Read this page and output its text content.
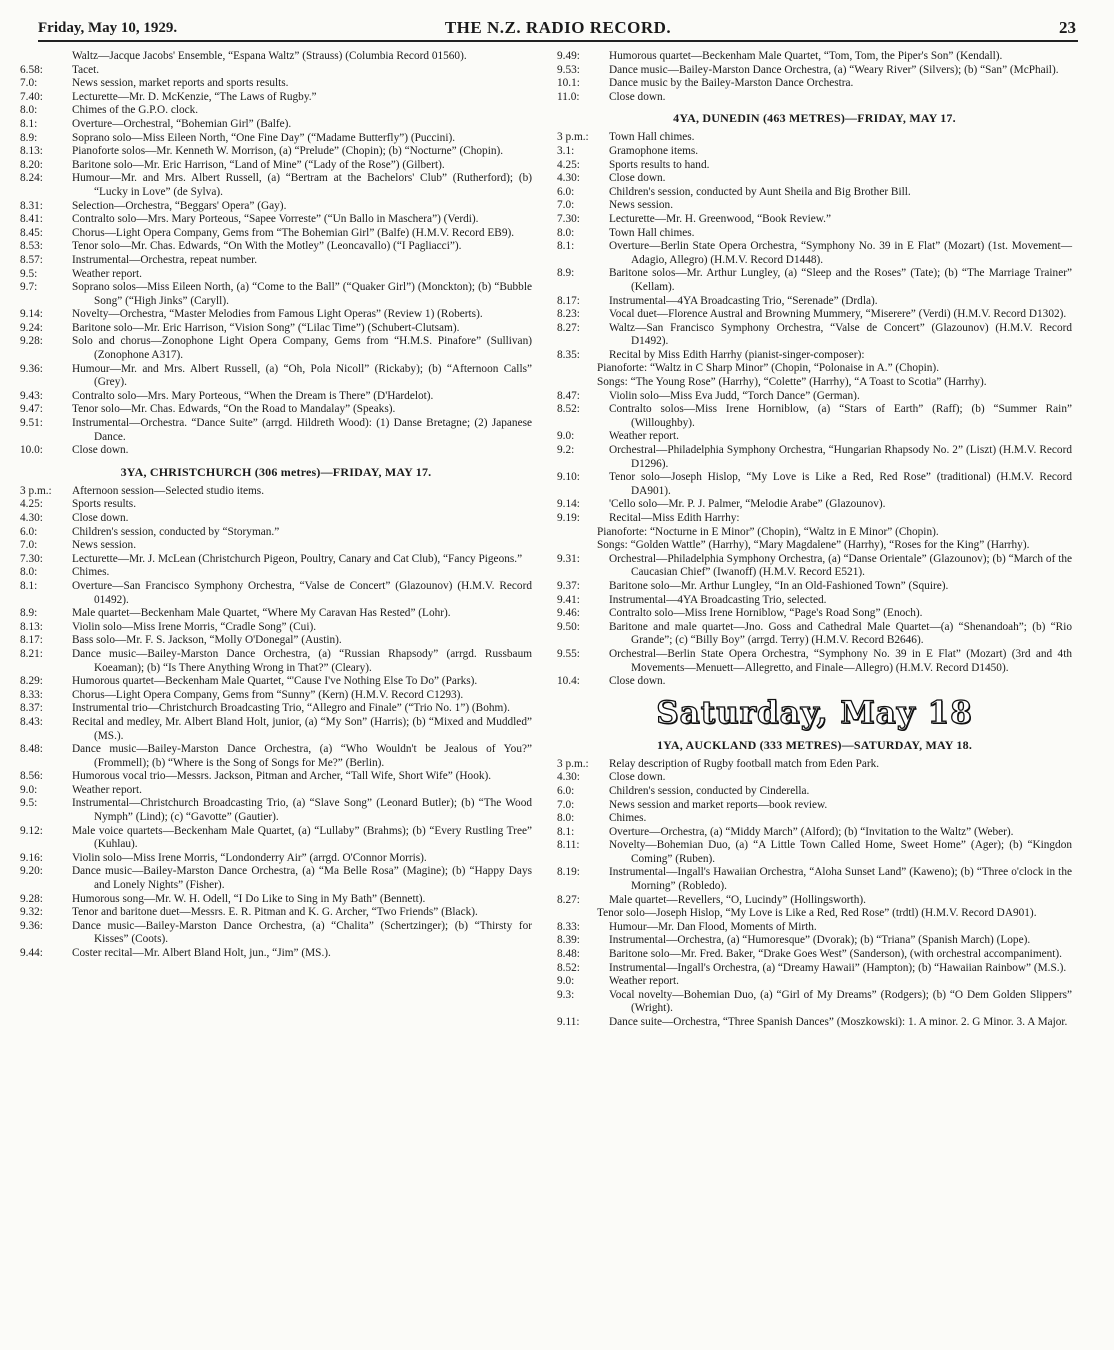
Friday, May 10, 1929.	THE N.Z. RADIO RECORD.	23

Waltz—Jacque Jacobs' Ensemble, “Espana Waltz” (Strauss) (Columbia Record 01560).

6.58:	Tacet.

7.0:	News session, market reports and sports results.

7.40:	Lecturette—Mr. D. McKenzie, “The Laws of Rugby.”

8.0:	Chimes of the G.P.O. clock.

8.1:	Overture—Orchestral, “Bohemian Girl” (Balfe).

8.9:	Soprano solo—Miss Eileen North, “One Fine Day” (“Madame Butterfly”) (Puccini).

8.13:	Pianoforte solos—Mr. Kenneth W. Morrison, (a) “Prelude” (Chopin); (b) “Nocturne” (Chopin).

8.20:	Baritone solo—Mr. Eric Harrison, “Land of Mine” (“Lady of the Rose”) (Gilbert).

8.24:	Humour—Mr. and Mrs. Albert Russell, (a) “Bertram at the Bachelors' Club” (Rutherford); (b) “Lucky in Love” (de Sylva).

8.31:	Selection—Orchestra, “Beggars' Opera” (Gay).

8.41:	Contralto solo—Mrs. Mary Porteous, “Sapee Vorreste” (“Un Ballo in Maschera”) (Verdi).

8.45:	Chorus—Light Opera Company, Gems from “The Bohemian Girl” (Balfe) (H.M.V. Record EB9).

8.53:	Tenor solo—Mr. Chas. Edwards, “On With the Motley” (Leoncavallo) (“I Pagliacci”).

8.57:	Instrumental—Orchestra, repeat number.

9.5:	Weather report.

9.7:	Soprano solos—Miss Eileen North, (a) “Come to the Ball” (“Quaker Girl”) (Monckton); (b) “Bubble Song” (“High Jinks” (Caryll).

9.14:	Novelty—Orchestra, “Master Melodies from Famous Light Operas” (Review 1) (Roberts).

9.24:	Baritone solo—Mr. Eric Harrison, “Vision Song” (“Lilac Time”) (Schubert-Clutsam).

9.28:	Solo and chorus—Zonophone Light Opera Company, Gems from “H.M.S. Pinafore” (Sullivan) (Zonophone A317).

9.36:	Humour—Mr. and Mrs. Albert Russell, (a) “Oh, Pola Nicoll” (Rickaby); (b) “Afternoon Calls” (Grey).

9.43:	Contralto solo—Mrs. Mary Porteous, “When the Dream is There” (D'Hardelot).

9.47:	Tenor solo—Mr. Chas. Edwards, “On the Road to Mandalay” (Speaks).

9.51:	Instrumental—Orchestra. “Dance Suite” (arrgd. Hildreth Wood): (1) Danse Bretagne; (2) Japanese Dance.

10.0:	Close down.

3YA, CHRISTCHURCH (306 metres)—FRIDAY, MAY 17.

3 p.m.: Afternoon session—Selected studio items.

4.25:	Sports results.

4.30:	Close down.

6.0:	Children's session, conducted by “Storyman.”

7.0:	News session.

7.30:	Lecturette—Mr. J. McLean (Christchurch Pigeon, Poultry, Canary and Cat Club), “Fancy Pigeons.”

8.0:	Chimes.

8.1:	Overture—San Francisco Symphony Orchestra, “Valse de Concert” (Glazounov) (H.M.V. Record 01492).

8.9:	Male quartet—Beckenham Male Quartet, “Where My Caravan Has Rested” (Lohr).

8.13:	Violin solo—Miss Irene Morris, “Cradle Song” (Cui).

8.17:	Bass solo—Mr. F. S. Jackson, “Molly O'Donegal” (Austin).

8.21:	Dance music—Bailey-Marston Dance Orchestra, (a) “Russian Rhapsody” (arrgd. Russbaum Koeaman); (b) “Is There Anything Wrong in That?” (Cleary).

8.29:	Humorous quartet—Beckenham Male Quartet, “'Cause I've Nothing Else To Do” (Parks).

8.33:	Chorus—Light Opera Company, Gems from “Sunny” (Kern) (H.M.V. Record C1293).

8.37:	Instrumental trio—Christchurch Broadcasting Trio, “Allegro and Finale” (“Trio No. 1”) (Bohm).

8.43:	Recital and medley, Mr. Albert Bland Holt, junior, (a) “My Son” (Harris); (b) “Mixed and Muddled” (MS.).

8.48:	Dance music—Bailey-Marston Dance Orchestra, (a) “Who Wouldn't be Jealous of You?” (Frommell); (b) “Where is the Song of Songs for Me?” (Berlin).

8.56:	Humorous vocal trio—Messrs. Jackson, Pitman and Archer, “Tall Wife, Short Wife” (Hook).

9.0:	Weather report.

9.5:	Instrumental—Christchurch Broadcasting Trio, (a) “Slave Song” (Leonard Butler); (b) “The Wood Nymph” (Lind); (c) “Gavotte” (Gautier).

9.12:	Male voice quartets—Beckenham Male Quartet, (a) “Lullaby” (Brahms); (b) “Every Rustling Tree” (Kuhlau).

9.16:	Violin solo—Miss Irene Morris, “Londonderry Air” (arrgd. O'Connor Morris).

9.20:	Dance music—Bailey-Marston Dance Orchestra, (a) “Ma Belle Rosa” (Magine); (b) “Happy Days and Lonely Nights” (Fisher).

9.28:	Humorous song—Mr. W. H. Odell, “I Do Like to Sing in My Bath” (Bennett).

9.32:	Tenor and baritone duet—Messrs. E. R. Pitman and K. G. Archer, “Two Friends” (Black).

9.36:	Dance music—Bailey-Marston Dance Orchestra, (a) “Chalita” (Schertzinger); (b) “Thirsty for Kisses” (Coots).

9.44:	Coster recital—Mr. Albert Bland Holt, jun., “Jim” (MS.).

9.49:	Humorous quartet—Beckenham Male Quartet, “Tom, Tom, the Piper's Son” (Kendall).

9.53:	Dance music—Bailey-Marston Dance Orchestra, (a) “Weary River” (Silvers); (b) “San” (McPhail).

10.1:	Dance music by the Bailey-Marston Dance Orchestra.

11.0:	Close down.

4YA, DUNEDIN (463 METRES)—FRIDAY, MAY 17.

3 p.m.: Town Hall chimes.

3.1:	Gramophone items.

4.25:	Sports results to hand.

4.30:	Close down.

6.0:	Children's session, conducted by Aunt Sheila and Big Brother Bill.

7.0:	News session.

7.30:	Lecturette—Mr. H. Greenwood, “Book Review.”

8.0:	Town Hall chimes.

8.1:	Overture—Berlin State Opera Orchestra, “Symphony No. 39 in E Flat” (Mozart) (1st. Movement—Adagio, Allegro) (H.M.V. Record D1448).

8.9:	Baritone solos—Mr. Arthur Lungley, (a) “Sleep and the Roses” (Tate); (b) “The Marriage Trainer” (Kellam).

8.17:	Instrumental—4YA Broadcasting Trio, “Serenade” (Drdla).

8.23:	Vocal duet—Florence Austral and Browning Mummery, “Miserere” (Verdi) (H.M.V. Record D1302).

8.27:	Waltz—San Francisco Symphony Orchestra, “Valse de Concert” (Glazounov) (H.M.V. Record D1492).

8.35:	Recital by Miss Edith Harrhy (pianist-singer-composer):

Pianoforte: “Waltz in C Sharp Minor” (Chopin, “Polonaise in A.” (Chopin).

Songs: “The Young Rose” (Harrhy), “Colette” (Harrhy), “A Toast to Scotia” (Harrhy).

8.47:	Violin solo—Miss Eva Judd, “Torch Dance” (German).

8.52:	Contralto solos—Miss Irene Horniblow, (a) “Stars of Earth” (Raff); (b) “Summer Rain” (Willoughby).

9.0:	Weather report.

9.2:	Orchestral—Philadelphia Symphony Orchestra, “Hungarian Rhapsody No. 2” (Liszt) (H.M.V. Record D1296).

9.10:	Tenor solo—Joseph Hislop, “My Love is Like a Red, Red Rose” (traditional) (H.M.V. Record DA901).

9.14:	'Cello solo—Mr. P. J. Palmer, “Melodie Arabe” (Glazounov).

9.19:	Recital—Miss Edith Harrhy:

Pianoforte: “Nocturne in E Minor” (Chopin), “Waltz in E Minor” (Chopin).

Songs: “Golden Wattle” (Harrhy), “Mary Magdalene” (Harrhy), “Roses for the King” (Harrhy).

9.31:	Orchestral—Philadelphia Symphony Orchestra, (a) “Danse Orientale” (Glazounov); (b) “March of the Caucasian Chief” (Iwanoff) (H.M.V. Record E521).

9.37:	Baritone solo—Mr. Arthur Lungley, “In an Old-Fashioned Town” (Squire).

9.41:	Instrumental—4YA Broadcasting Trio, selected.

9.46:	Contralto solo—Miss Irene Horniblow, “Page's Road Song” (Enoch).

9.50:	Baritone and male quartet—Jno. Goss and Cathedral Male Quartet—(a) “Shenandoah”; (b) “Rio Grande”; (c) “Billy Boy” (arrgd. Terry) (H.M.V. Record B2646).

9.55:	Orchestral—Berlin State Opera Orchestra, “Symphony No. 39 in E Flat” (Mozart) (3rd and 4th Movements—Menuett—Allegretto, and Finale—Allegro) (H.M.V. Record D1450).

10.4:	Close down.

Saturday, May 18
1YA, AUCKLAND (333 METRES)—SATURDAY, MAY 18.

3 p.m.: Relay description of Rugby football match from Eden Park.

4.30:	Close down.

6.0:	Children's session, conducted by Cinderella.

7.0:	News session and market reports—book review.

8.0:	Chimes.

8.1:	Overture—Orchestra, (a) “Middy March” (Alford); (b) “Invitation to the Waltz” (Weber).

8.11:	Novelty—Bohemian Duo, (a) “A Little Town Called Home, Sweet Home” (Ager); (b) “Kingdon Coming” (Ruben).

8.19:	Instrumental—Ingall's Hawaiian Orchestra, “Aloha Sunset Land” (Kaweno); (b) “Three o'clock in the Morning” (Robledo).

8.27:	Male quartet—Revellers, “O, Lucindy” (Hollingsworth).

Tenor solo—Joseph Hislop, “My Love is Like a Red, Red Rose” (trdtl) (H.M.V. Record DA901).

8.33:	Humour—Mr. Dan Flood, Moments of Mirth.

8.39:	Instrumental—Orchestra, (a) “Humoresque” (Dvorak); (b) “Triana” (Spanish March) (Lope).

8.48:	Baritone solo—Mr. Fred. Baker, “Drake Goes West” (Sanderson), (with orchestral accompaniment).

8.52:	Instrumental—Ingall's Orchestra, (a) “Dreamy Hawaii” (Hampton); (b) “Hawaiian Rainbow” (M.S.).

9.0:	Weather report.

9.3:	Vocal novelty—Bohemian Duo, (a) “Girl of My Dreams” (Rodgers); (b) “O Dem Golden Slippers” (Wright).

9.11:	Dance suite—Orchestra, “Three Spanish Dances” (Moszkowski): 1. A minor. 2. G Minor. 3. A Major.
